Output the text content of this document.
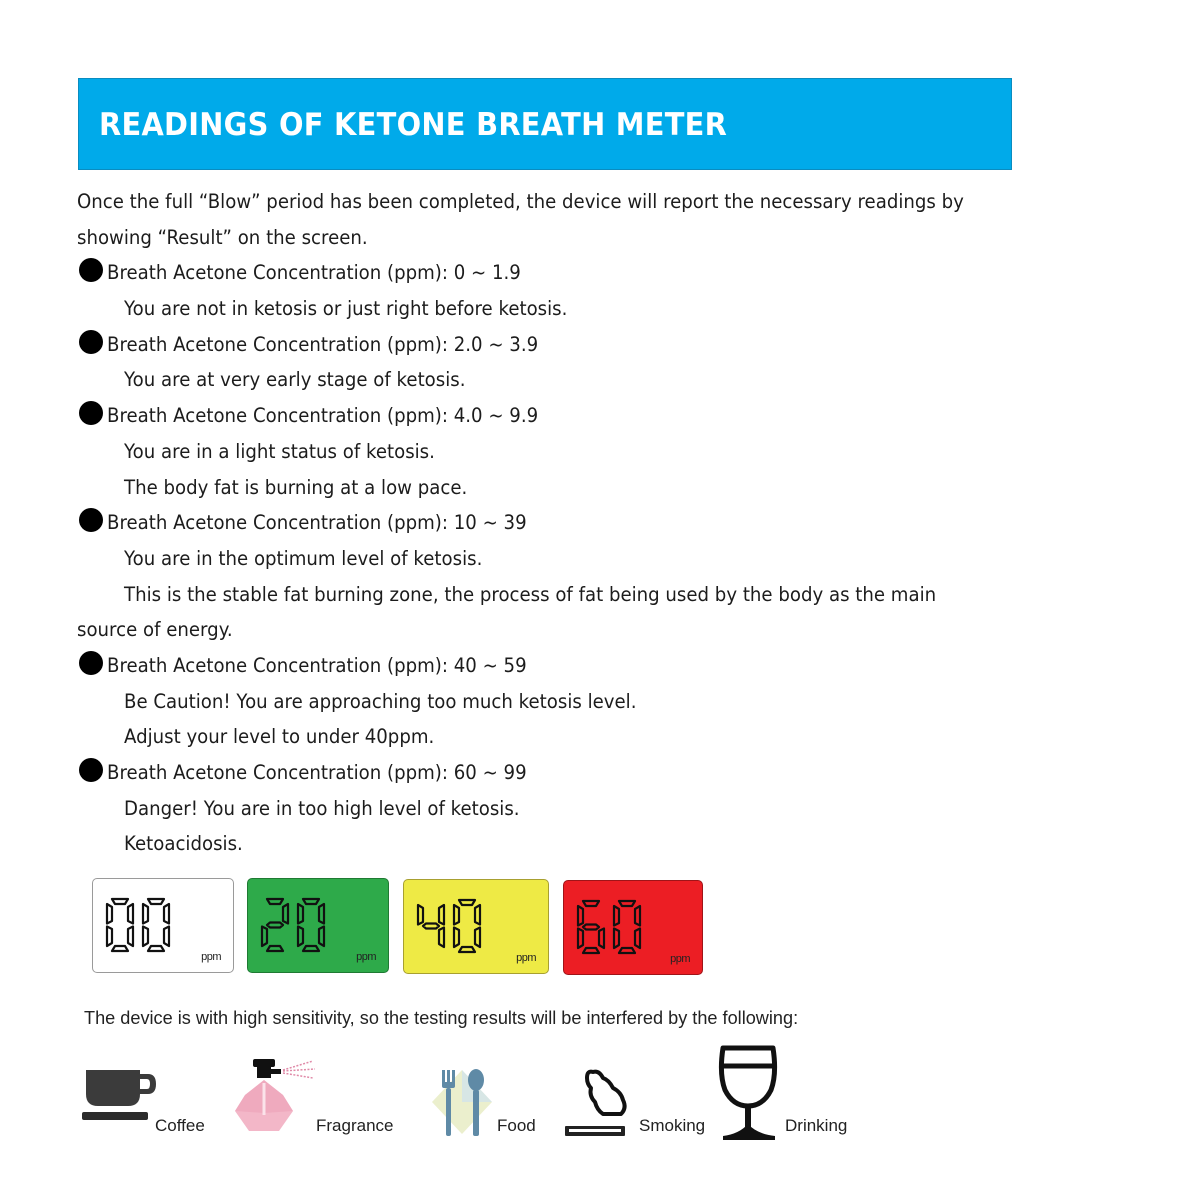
READINGS OF KETONE BREATH METER
Once the full “Blow” period has been completed, the device will report the necessary readings by
showing “Result” on the screen.
Breath Acetone Concentration (ppm): 0 ~ 1.9
You are not in ketosis or just right before ketosis.
Breath Acetone Concentration (ppm): 2.0 ~ 3.9
You are at very early stage of ketosis.
Breath Acetone Concentration (ppm): 4.0 ~ 9.9
You are in a light status of ketosis.
The body fat is burning at a low pace.
Breath Acetone Concentration (ppm): 10 ~ 39
You are in the optimum level of ketosis.
This is the stable fat burning zone, the process of fat being used by the body as the main
source of energy.
Breath Acetone Concentration (ppm): 40 ~ 59
Be Caution! You are approaching too much ketosis level.
Adjust your level to under 40ppm.
Breath Acetone Concentration (ppm): 60 ~ 99
Danger! You are in too high level of ketosis.
Ketoacidosis.
ppm	ppm	ppm	ppm
The device is with high sensitivity, so the testing results will be interfered by the following:
Coffee	Fragrance	Food	Smoking	Drinking
